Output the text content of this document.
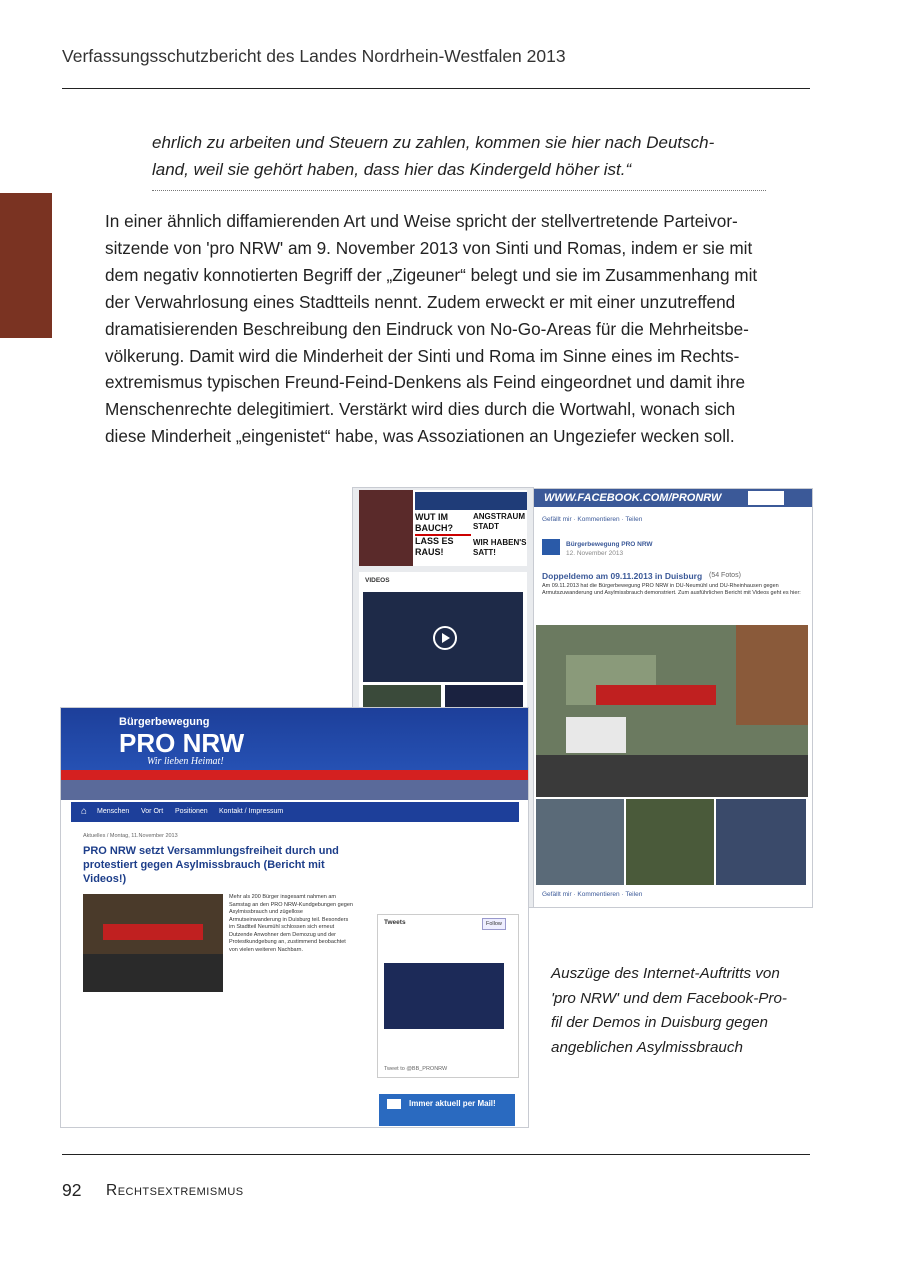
Verfassungsschutzbericht des Landes Nordrhein-Westfalen 2013

ehrlich zu arbeiten und Steuern zu zahlen, kommen sie hier nach Deutsch-

land, weil sie gehört haben, dass hier das Kindergeld höher ist.“

In einer ähnlich diffamierenden Art und Weise spricht der stellvertretende Parteivor-

sitzende von 'pro NRW' am 9. November 2013 von Sinti und Romas, indem er sie mit

dem negativ konnotierten Begriff der „Zigeuner“ belegt und sie im Zusammenhang mit

der Verwahrlosung eines Stadtteils nennt. Zudem erweckt er mit einer unzutreffend

dramatisierenden Beschreibung den Eindruck von No-Go-Areas für die Mehrheitsbe-

völkerung. Damit wird die Minderheit der Sinti und Roma im Sinne eines im Rechts-

extremismus typischen Freund-Feind-Denkens als Feind eingeordnet und damit ihre

Menschenrechte delegitimiert. Verstärkt wird dies durch die Wortwahl, wonach sich

diese Minderheit „eingenistet“ habe, was Assoziationen an Ungeziefer wecken soll.

WUT IM BAUCH?
LASS ES RAUS!
ANGSTRAUM STADT
WIR HABEN'S SATT!
VIDEOS
WWW.FACEBOOK.COM/PRONRW
Gefällt mir · Kommentieren · Teilen
Bürgerbewegung PRO NRW
12. November 2013
Doppeldemo am 09.11.2013 in Duisburg (54 Fotos)
Am 09.11.2013 hat die Bürgerbewegung PRO NRW in DU-Neumühl und DU-Rheinhausen gegen Armutszuwanderung und Asylmissbrauch demonstriert. Zum ausführlichen Bericht mit Videos geht es hier:
Gefällt mir · Kommentieren · Teilen
Bürgerbewegung
PRO NRW
Wir lieben Heimat!
⌂ Menschen Vor Ort Positionen Kontakt / Impressum
Aktuelles / Montag, 11.November 2013
PRO NRW setzt Versammlungsfreiheit durch und protestiert gegen Asylmissbrauch (Bericht mit Videos!)
Mehr als 200 Bürger insgesamt nahmen am Samstag an den PRO NRW-Kundgebungen gegen Asylmissbrauch und zügellose Armutseinwanderung in Duisburg teil. Besonders im Stadtteil Neumühl schlossen sich erneut Dutzende Anwohner dem Demozug und der Protestkundgebung an, zustimmend beobachtet von vielen weiteren Nachbarn.
Tweets	Follow
Tweet to @BB_PRONRW
Immer aktuell per Mail!

Auszüge des Internet-Auftritts von

'pro NRW' und dem Facebook-Pro-

fil der Demos in Duisburg gegen

angeblichen Asylmissbrauch

92 Rechtsextremismus
